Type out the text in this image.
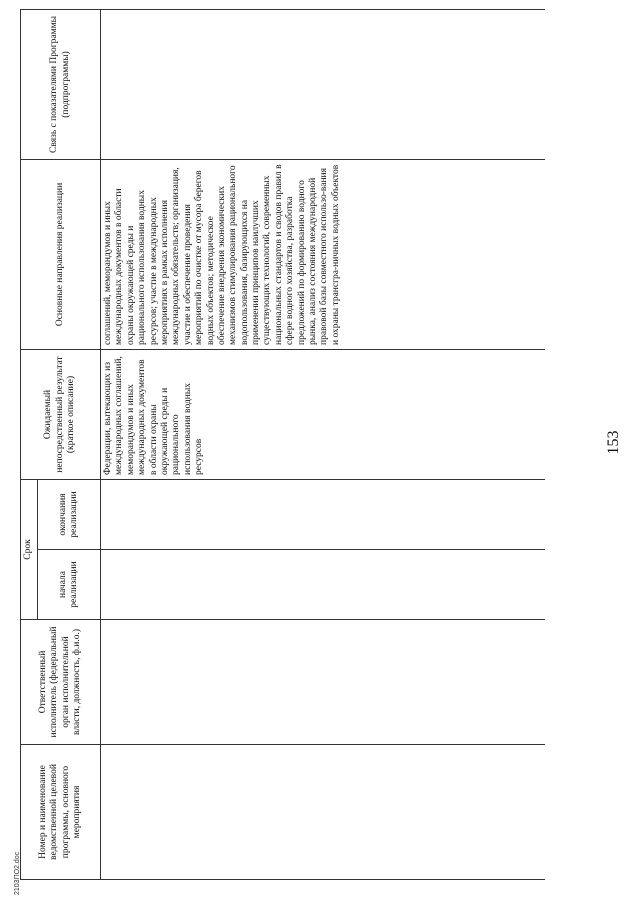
Номер и наименование ведомственной целевой программы, основного мероприятия	Ответственный исполнитель (федеральный орган исполнительной власти, должность, ф.и.о.)	Срок		Ожидаемый непосредственный результат (краткое описание)	Основные направления реализации	Связь с показателями Программы (подпрограммы)
		начала реализации	окончания реализации			
				Федерации, вытекающих из международных соглашений, меморандумов и иных международных документов в области охраны окружающей среды и рационального использования водных ресурсов	соглашений, меморандумов и иных международных документов в области охраны окружающей среды и рационального использования водных ресурсов; участие в международных мероприятиях в рамках исполнения международных обязательств; организация, участие и обеспечение проведения мероприятий по очистке от мусора берегов водных объектов; методическое обеспечение внедрения экономических механизмов стимулирования рационального водопользования, базирующихся на применении принципов наилучших существующих технологий, современных национальных стандартов и сводов правил в сфере водного хозяйства, разработка предложений по формированию водного рынка, анализ состояния международной правовой базы совместного использо-вания и охраны трансгра-ничных водных объектов	
153
2103ПО2.doc
